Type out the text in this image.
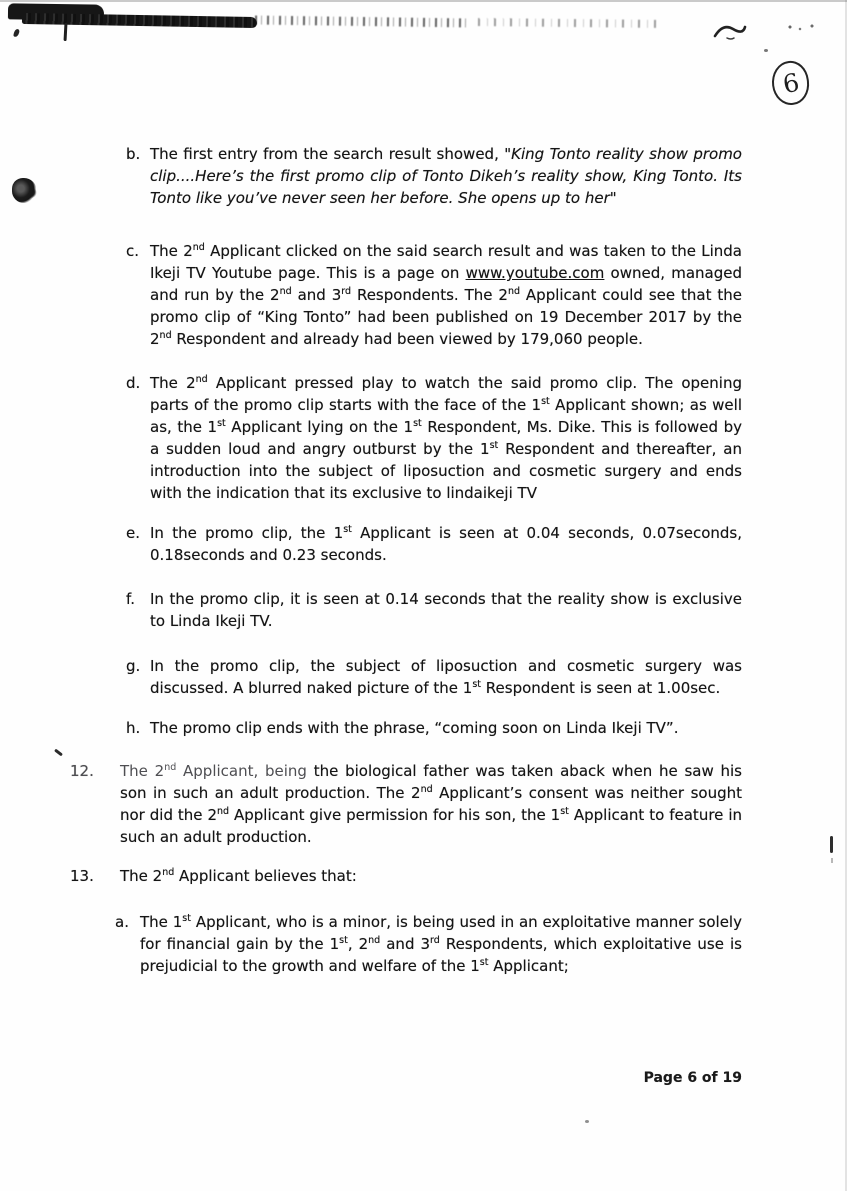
6
b. The first entry from the search result showed, "King Tonto reality show promo clip....Here’s the first promo clip of Tonto Dikeh’s reality show, King Tonto. Its Tonto like you’ve never seen her before. She opens up to her"
c. The 2nd Applicant clicked on the said search result and was taken to the Linda Ikeji TV Youtube page. This is a page on www.youtube.com owned, managed and run by the 2nd and 3rd Respondents. The 2nd Applicant could see that the promo clip of “King Tonto” had been published on 19 December 2017 by the 2nd Respondent and already had been viewed by 179,060 people.
d. The 2nd Applicant pressed play to watch the said promo clip. The opening parts of the promo clip starts with the face of the 1st Applicant shown; as well as, the 1st Applicant lying on the 1st Respondent, Ms. Dike. This is followed by a sudden loud and angry outburst by the 1st Respondent and thereafter, an introduction into the subject of liposuction and cosmetic surgery and ends with the indication that its exclusive to lindaikeji TV
e. In the promo clip, the 1st Applicant is seen at 0.04 seconds, 0.07seconds, 0.18seconds and 0.23 seconds.
f.	In the promo clip, it is seen at 0.14 seconds that the reality show is exclusive to Linda Ikeji TV.
g. In the promo clip, the subject of liposuction and cosmetic surgery was discussed. A blurred naked picture of the 1st Respondent is seen at 1.00sec.
h. The promo clip ends with the phrase, “coming soon on Linda Ikeji TV”.
12.	The 2nd Applicant, being the biological father was taken aback when he saw his son in such an adult production. The 2nd Applicant’s consent was neither sought nor did the 2nd Applicant give permission for his son, the 1st Applicant to feature in such an adult production.
13.	The 2nd Applicant believes that:
a. The 1st Applicant, who is a minor, is being used in an exploitative manner solely for financial gain by the 1st, 2nd and 3rd Respondents, which exploitative use is prejudicial to the growth and welfare of the 1st Applicant;
Page 6 of 19
